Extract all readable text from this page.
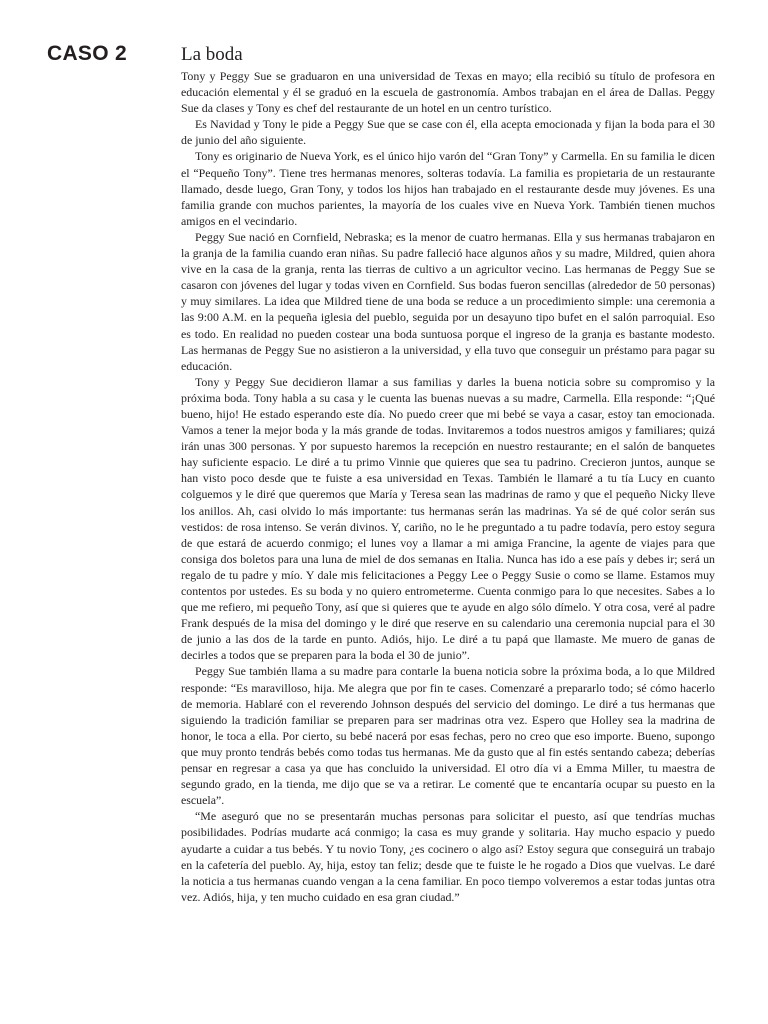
CASO 2	La boda

Tony y Peggy Sue se graduaron en una universidad de Texas en mayo; ella recibió su título de profesora en educación elemental y él se graduó en la escuela de gastronomía. Ambos trabajan en el área de Dallas. Peggy Sue da clases y Tony es chef del restaurante de un hotel en un centro turístico.

Es Navidad y Tony le pide a Peggy Sue que se case con él, ella acepta emocionada y fijan la boda para el 30 de junio del año siguiente.

Tony es originario de Nueva York, es el único hijo varón del “Gran Tony” y Carmella. En su familia le dicen el “Pequeño Tony”. Tiene tres hermanas menores, solteras todavía. La familia es propietaria de un restaurante llamado, desde luego, Gran Tony, y todos los hijos han trabajado en el restaurante desde muy jóvenes. Es una familia grande con muchos parientes, la mayoría de los cuales vive en Nueva York. También tienen muchos amigos en el vecindario.

Peggy Sue nació en Cornfield, Nebraska; es la menor de cuatro hermanas. Ella y sus hermanas trabajaron en la granja de la familia cuando eran niñas. Su padre falleció hace algunos años y su madre, Mildred, quien ahora vive en la casa de la granja, renta las tierras de cultivo a un agricultor vecino. Las hermanas de Peggy Sue se casaron con jóvenes del lugar y todas viven en Cornfield. Sus bodas fueron sencillas (alrededor de 50 personas) y muy similares. La idea que Mildred tiene de una boda se reduce a un procedimiento simple: una ceremonia a las 9:00 A.M. en la pequeña iglesia del pueblo, seguida por un desayuno tipo bufet en el salón parroquial. Eso es todo. En realidad no pueden costear una boda suntuosa porque el ingreso de la granja es bastante modesto. Las hermanas de Peggy Sue no asistieron a la universidad, y ella tuvo que conseguir un préstamo para pagar su educación.

Tony y Peggy Sue decidieron llamar a sus familias y darles la buena noticia sobre su compromiso y la próxima boda. Tony habla a su casa y le cuenta las buenas nuevas a su madre, Carmella. Ella responde: “¡Qué bueno, hijo! He estado esperando este día. No puedo creer que mi bebé se vaya a casar, estoy tan emocionada. Vamos a tener la mejor boda y la más grande de todas. Invitaremos a todos nuestros amigos y familiares; quizá irán unas 300 personas. Y por supuesto haremos la recepción en nuestro restaurante; en el salón de banquetes hay suficiente espacio. Le diré a tu primo Vinnie que quieres que sea tu padrino. Crecieron juntos, aunque se han visto poco desde que te fuiste a esa universidad en Texas. También le llamaré a tu tía Lucy en cuanto colguemos y le diré que queremos que María y Teresa sean las madrinas de ramo y que el pequeño Nicky lleve los anillos. Ah, casi olvido lo más importante: tus hermanas serán las madrinas. Ya sé de qué color serán sus vestidos: de rosa intenso. Se verán divinos. Y, cariño, no le he preguntado a tu padre todavía, pero estoy segura de que estará de acuerdo conmigo; el lunes voy a llamar a mi amiga Francine, la agente de viajes para que consiga dos boletos para una luna de miel de dos semanas en Italia. Nunca has ido a ese país y debes ir; será un regalo de tu padre y mío. Y dale mis felicitaciones a Peggy Lee o Peggy Susie o como se llame. Estamos muy contentos por ustedes. Es su boda y no quiero entrometerme. Cuenta conmigo para lo que necesites. Sabes a lo que me refiero, mi pequeño Tony, así que si quieres que te ayude en algo sólo dímelo. Y otra cosa, veré al padre Frank después de la misa del domingo y le diré que reserve en su calendario una ceremonia nupcial para el 30 de junio a las dos de la tarde en punto. Adiós, hijo. Le diré a tu papá que llamaste. Me muero de ganas de decirles a todos que se preparen para la boda el 30 de junio”.

Peggy Sue también llama a su madre para contarle la buena noticia sobre la próxima boda, a lo que Mildred responde: “Es maravilloso, hija. Me alegra que por fin te cases. Comenzaré a prepararlo todo; sé cómo hacerlo de memoria. Hablaré con el reverendo Johnson después del servicio del domingo. Le diré a tus hermanas que siguiendo la tradición familiar se preparen para ser madrinas otra vez. Espero que Holley sea la madrina de honor, le toca a ella. Por cierto, su bebé nacerá por esas fechas, pero no creo que eso importe. Bueno, supongo que muy pronto tendrás bebés como todas tus hermanas. Me da gusto que al fin estés sentando cabeza; deberías pensar en regresar a casa ya que has concluido la universidad. El otro día vi a Emma Miller, tu maestra de segundo grado, en la tienda, me dijo que se va a retirar. Le comenté que te encantaría ocupar su puesto en la escuela”.

“Me aseguró que no se presentarán muchas personas para solicitar el puesto, así que tendrías muchas posibilidades. Podrías mudarte acá conmigo; la casa es muy grande y solitaria. Hay mucho espacio y puedo ayudarte a cuidar a tus bebés. Y tu novio Tony, ¿es cocinero o algo así? Estoy segura que conseguirá un trabajo en la cafetería del pueblo. Ay, hija, estoy tan feliz; desde que te fuiste le he rogado a Dios que vuelvas. Le daré la noticia a tus hermanas cuando vengan a la cena familiar. En poco tiempo volveremos a estar todas juntas otra vez. Adiós, hija, y ten mucho cuidado en esa gran ciudad.”
